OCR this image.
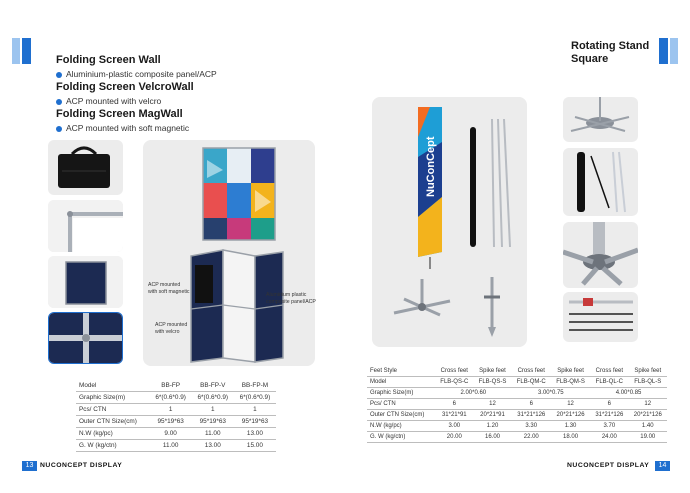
Folding Screen Wall
Aluminium-plastic composite panel/ACP
Folding Screen VelcroWall
ACP mounted with velcro
Folding Screen MagWall
ACP mounted with soft magnetic
ACP mounted
with soft magnetic
ACP mounted
with velcro
Aluminium plastic
composite panel/ACP
Model	BB-FP	BB-FP-V	BB-FP-M
Graphic Size(m)	6*(0.6*0.9)	6*(0.6*0.9)	6*(0.6*0.9)
Pcs/ CTN	1	1	1
Outer CTN Size(cm)	95*19*63	95*19*63	95*19*63
N.W (kg/pc)	9.00	11.00	13.00
G. W (kg/ctn)	11.00	13.00	15.00
13 NUCONCEPT DISPLAY
Rotating Stand
Square
NuConCept
Feet Style	Cross feet	Spike feet	Cross feet	Spike feet	Cross feet	Spike feet
Model	FLB-QS-C	FLB-QS-S	FLB-QM-C	FLB-QM-S	FLB-QL-C	FLB-QL-S
Graphic Size(m)	2.00*0.60		3.00*0.75		4.00*0.85	
Pcs/ CTN	6	12	6	12	6	12
Outer CTN Size(cm)	31*21*91	20*21*91	31*21*126	20*21*126	31*21*126	20*21*126
N.W (kg/pc)	3.00	1.20	3.30	1.30	3.70	1.40
G. W (kg/ctn)	20.00	16.00	22.00	18.00	24.00	19.00
NUCONCEPT DISPLAY	14
